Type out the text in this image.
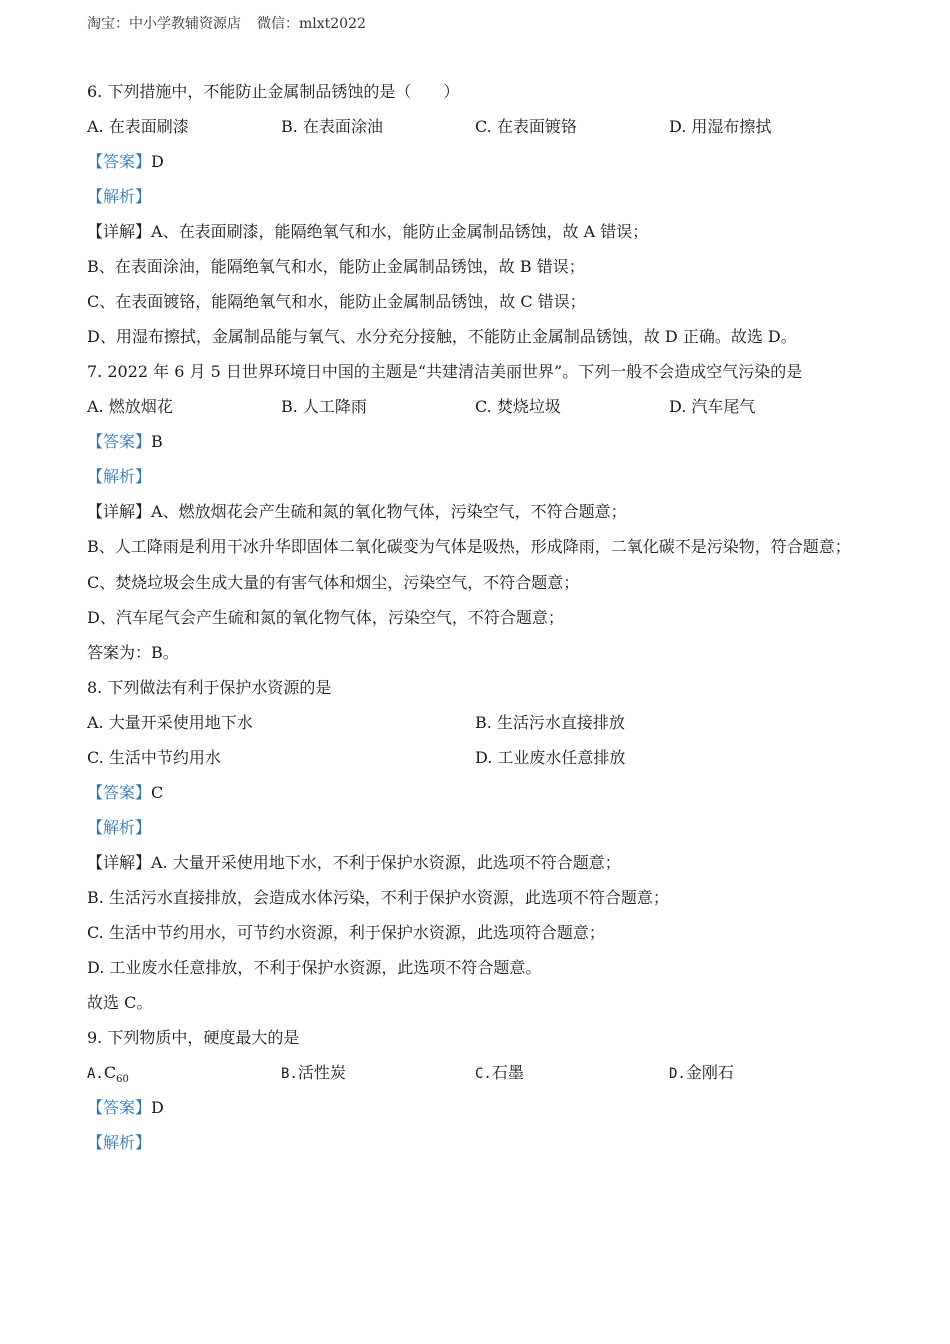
淘宝：中小学教辅资源店 微信：mlxt2022
6. 下列措施中，不能防止金属制品锈蚀的是（　　）
A. 在表面刷漆	B. 在表面涂油	C. 在表面镀铬	D. 用湿布擦拭
【答案】D
【解析】
【详解】A、在表面刷漆，能隔绝氧气和水，能防止金属制品锈蚀，故 A 错误；
B、在表面涂油，能隔绝氧气和水，能防止金属制品锈蚀，故 B 错误；
C、在表面镀铬，能隔绝氧气和水，能防止金属制品锈蚀，故 C 错误；
D、用湿布擦拭，金属制品能与氧气、水分充分接触，不能防止金属制品锈蚀，故 D 正确。故选 D。
7. 2022 年 6 月 5 日世界环境日中国的主题是“共建清洁美丽世界”。下列一般不会造成空气污染的是
A. 燃放烟花	B. 人工降雨	C. 焚烧垃圾	D. 汽车尾气
【答案】B
【解析】
【详解】A、燃放烟花会产生硫和氮的氧化物气体，污染空气，不符合题意；
B、人工降雨是利用干冰升华即固体二氧化碳变为气体是吸热，形成降雨，二氧化碳不是污染物，符合题意；
C、焚烧垃圾会生成大量的有害气体和烟尘，污染空气，不符合题意；
D、汽车尾气会产生硫和氮的氧化物气体，污染空气，不符合题意；
答案为：B。
8. 下列做法有利于保护水资源的是
A. 大量开采使用地下水	B. 生活污水直接排放
C. 生活中节约用水	D. 工业废水任意排放
【答案】C
【解析】
【详解】A. 大量开采使用地下水，不利于保护水资源，此选项不符合题意；
B. 生活污水直接排放，会造成水体污染，不利于保护水资源，此选项不符合题意；
C. 生活中节约用水，可节约水资源，利于保护水资源，此选项符合题意；
D. 工业废水任意排放，不利于保护水资源，此选项不符合题意。
故选 C。
9. 下列物质中，硬度最大的是
$A.C_{60}$	B.活性炭	C.石墨	D.金刚石
【答案】D
【解析】
